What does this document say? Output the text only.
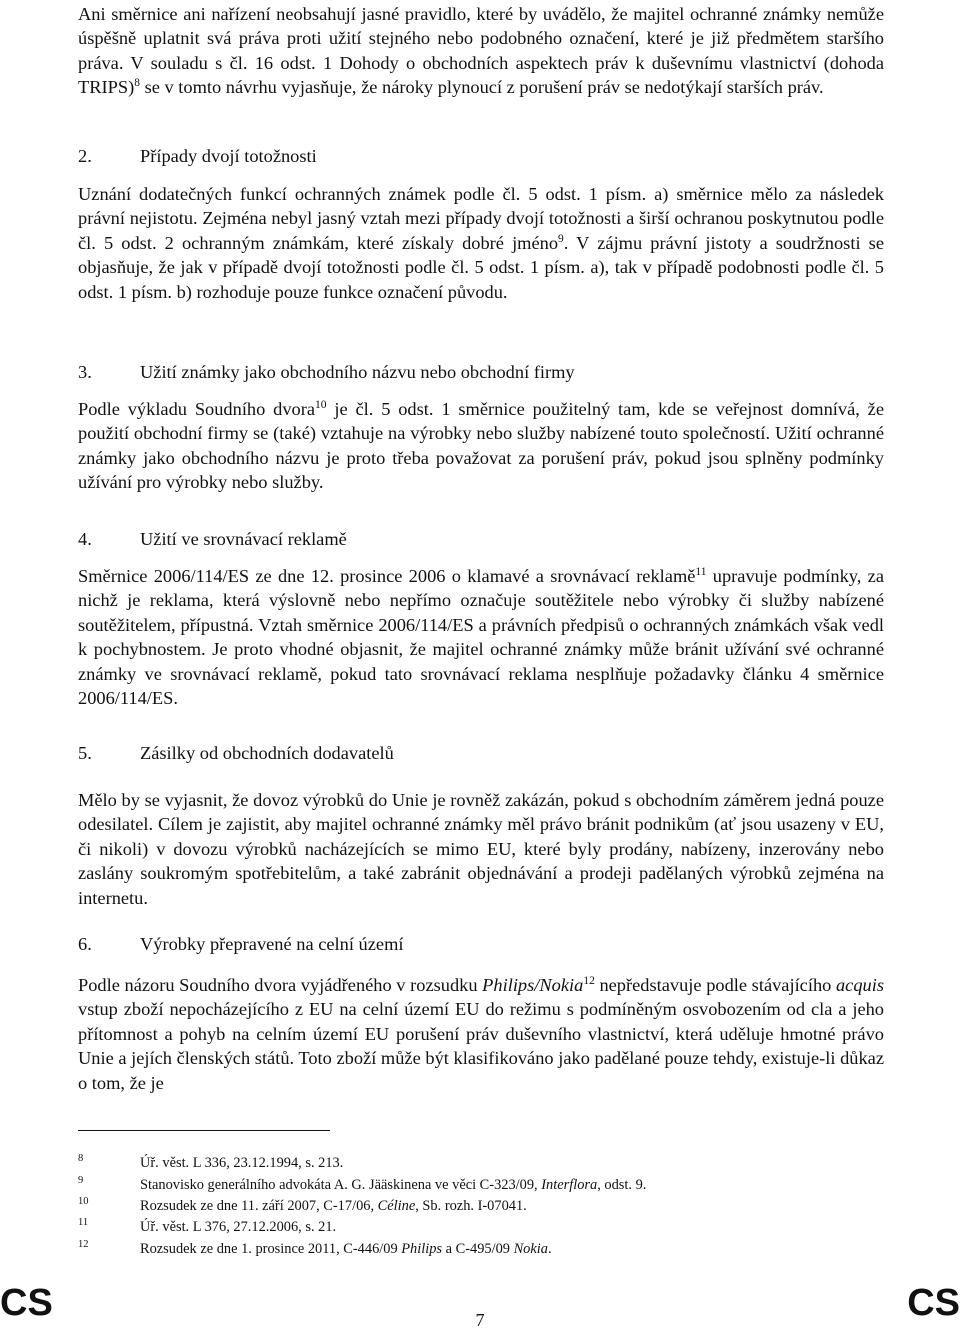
Ani směrnice ani nařízení neobsahují jasné pravidlo, které by uvádělo, že majitel ochranné známky nemůže úspěšně uplatnit svá práva proti užití stejného nebo podobného označení, které je již předmětem staršího práva. V souladu s čl. 16 odst. 1 Dohody o obchodních aspektech práv k duševnímu vlastnictví (dohoda TRIPS)$^8$ se v tomto návrhu vyjasňuje, že nároky plynoucí z porušení práv se nedotýkají starších práv.

2.	Případy dvojí totožnosti

Uznání dodatečných funkcí ochranných známek podle čl. 5 odst. 1 písm. a) směrnice mělo za následek právní nejistotu. Zejména nebyl jasný vztah mezi případy dvojí totožnosti a širší ochranou poskytnutou podle čl. 5 odst. 2 ochranným známkám, které získaly dobré jméno$^9$. V zájmu právní jistoty a soudržnosti se objasňuje, že jak v případě dvojí totožnosti podle čl. 5 odst. 1 písm. a), tak v případě podobnosti podle čl. 5 odst. 1 písm. b) rozhoduje pouze funkce označení původu.

3.	Užití známky jako obchodního názvu nebo obchodní firmy

Podle výkladu Soudního dvora$^{10}$ je čl. 5 odst. 1 směrnice použitelný tam, kde se veřejnost domnívá, že použití obchodní firmy se (také) vztahuje na výrobky nebo služby nabízené touto společností. Užití ochranné známky jako obchodního názvu je proto třeba považovat za porušení práv, pokud jsou splněny podmínky užívání pro výrobky nebo služby.

4.	Užití ve srovnávací reklamě

Směrnice 2006/114/ES ze dne 12. prosince 2006 o klamavé a srovnávací reklamě$^{11}$ upravuje podmínky, za nichž je reklama, která výslovně nebo nepřímo označuje soutěžitele nebo výrobky či služby nabízené soutěžitelem, přípustná. Vztah směrnice 2006/114/ES a právních předpisů o ochranných známkách však vedl k pochybnostem. Je proto vhodné objasnit, že majitel ochranné známky může bránit užívání své ochranné známky ve srovnávací reklamě, pokud tato srovnávací reklama nesplňuje požadavky článku 4 směrnice 2006/114/ES.

5.	Zásilky od obchodních dodavatelů

Mělo by se vyjasnit, že dovoz výrobků do Unie je rovněž zakázán, pokud s obchodním záměrem jedná pouze odesilatel. Cílem je zajistit, aby majitel ochranné známky měl právo bránit podnikům (ať jsou usazeny v EU, či nikoli) v dovozu výrobků nacházejících se mimo EU, které byly prodány, nabízeny, inzerovány nebo zaslány soukromým spotřebitelům, a také zabránit objednávání a prodeji padělaných výrobků zejména na internetu.

6.	Výrobky přepravené na celní území

Podle názoru Soudního dvora vyjádřeného v rozsudku Philips/Nokia$^{12}$ nepředstavuje podle stávajícího acquis vstup zboží nepocházejícího z EU na celní území EU do režimu s podmíněným osvobozením od cla a jeho přítomnost a pohyb na celním území EU porušení práv duševního vlastnictví, která uděluje hmotné právo Unie a jejích členských států. Toto zboží může být klasifikováno jako padělané pouze tehdy, existuje-li důkaz o tom, že je

8	Úř. věst. L 336, 23.12.1994, s. 213.
9	Stanovisko generálního advokáta A. G. Jääskinena ve věci C-323/09, Interflora, odst. 9.
10	Rozsudek ze dne 11. září 2007, C-17/06, Céline, Sb. rozh. I-07041.
11	Úř. věst. L 376, 27.12.2006, s. 21.
12	Rozsudek ze dne 1. prosince 2011, C-446/09 Philips a C-495/09 Nokia.
CS	7	CS
